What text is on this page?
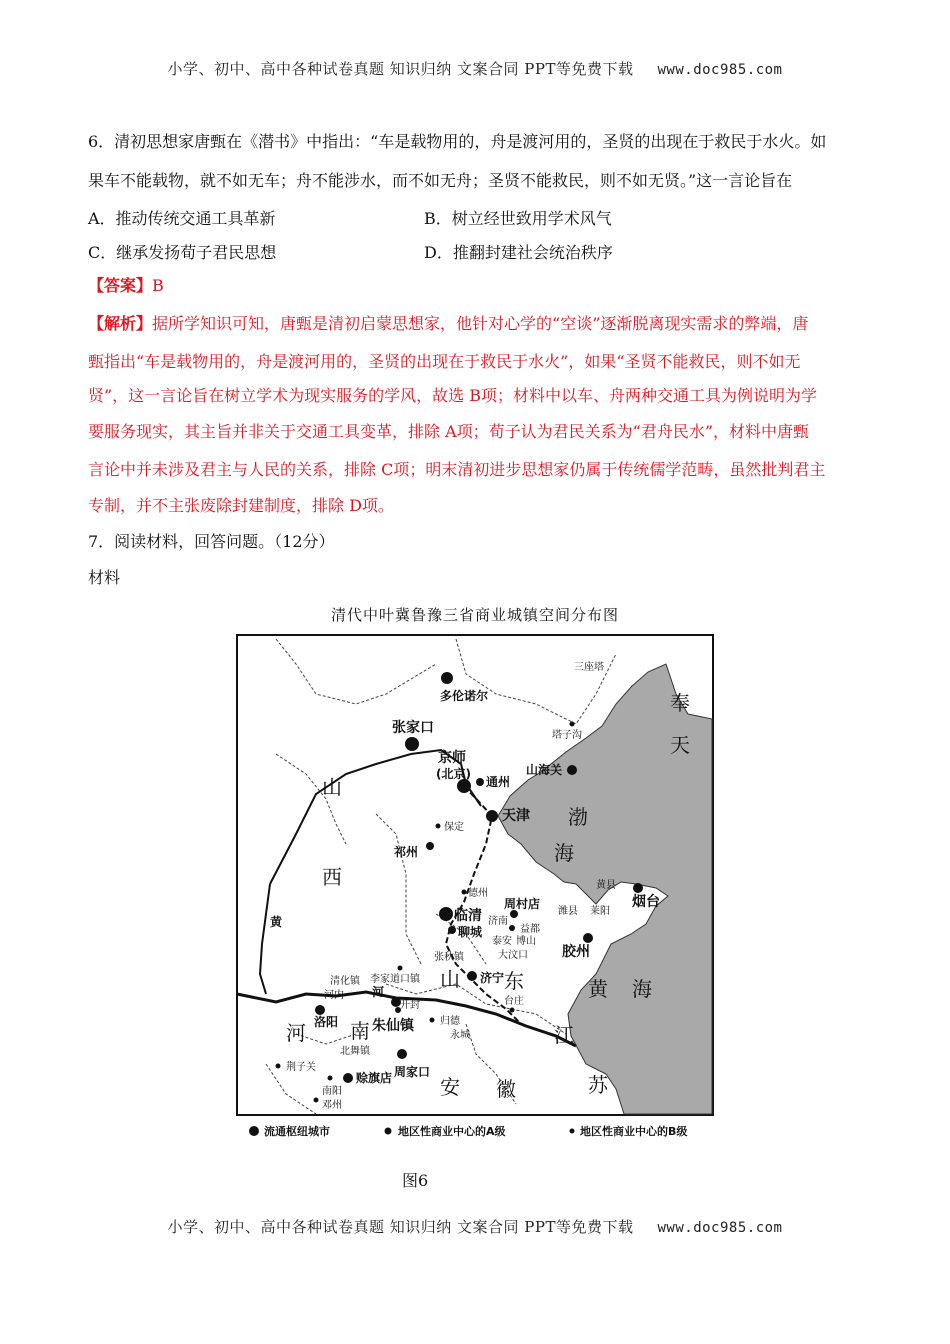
小学、初中、高中各种试卷真题 知识归纳 文案合同 PPT等免费下载 www.doc985.com
6．清初思想家唐甄在《潜书》中指出：“车是载物用的，舟是渡河用的，圣贤的出现在于救民于水火。如
果车不能载物，就不如无车；舟不能涉水，而不如无舟；圣贤不能救民，则不如无贤。”这一言论旨在
A．推动传统交通工具革新	B．树立经世致用学术风气
C．继承发扬荀子君民思想	D．推翻封建社会统治秩序
【答案】B
【解析】据所学知识可知，唐甄是清初启蒙思想家，他针对心学的“空谈”逐渐脱离现实需求的弊端，唐
甄指出“车是载物用的，舟是渡河用的，圣贤的出现在于救民于水火”，如果“圣贤不能救民，则不如无
贤”，这一言论旨在树立学术为现实服务的学风，故选 B项；材料中以车、舟两种交通工具为例说明为学
要服务现实，其主旨并非关于交通工具变革，排除 A项；荀子认为君民关系为“君舟民水”，材料中唐甄
言论中并未涉及君主与人民的关系，排除 C项；明末清初进步思想家仍属于传统儒学范畴，虽然批判君主
专制，并不主张废除封建制度，排除 D项。
7．阅读材料，回答问题。（12分）
材料
清代中叶冀鲁豫三省商业城镇空间分布图
奉
天
山
西
渤
海
山 东
河 南	江
苏
安 徽
黄 海
黄
河
多伦诺尔
张家口
京师
(北京)
天津
临清
济宁
烟台
胶州
洛阳 朱仙镇
周家口
赊旗店
山海关
通州
祁州
周村店
聊城
潍县
博山
益都
开封
北舞镇
三座塔
塔子沟
保定
德州
黄县
莱阳
济南
泰安
大汶口
张秋镇
台庄
清化镇 李家道口镇
河内
归德
永城
荆子关
南阳
邓州
流通枢纽城市	地区性商业中心的A级	地区性商业中心的B级
图6
小学、初中、高中各种试卷真题 知识归纳 文案合同 PPT等免费下载 www.doc985.com
